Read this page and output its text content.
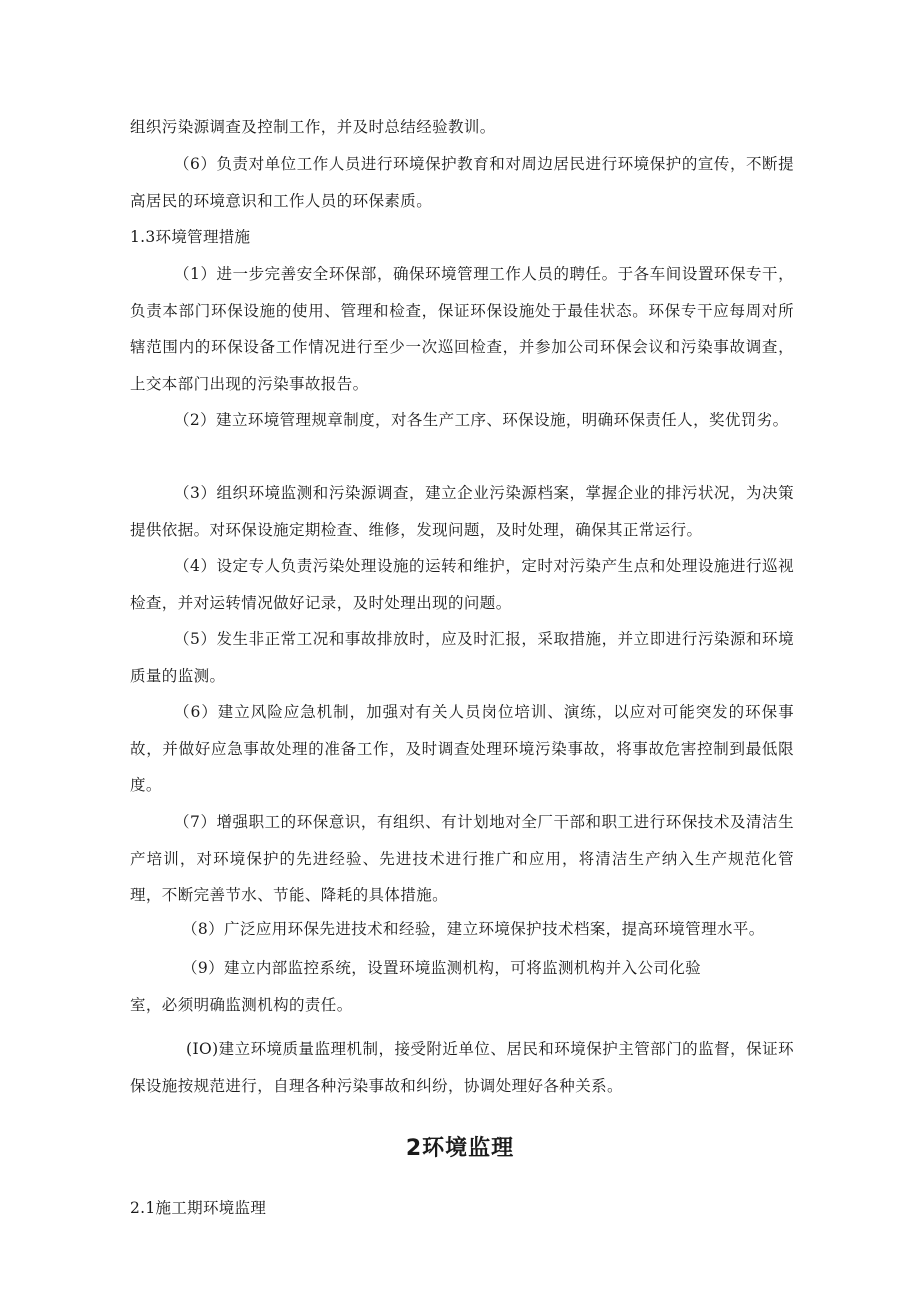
组织污染源调查及控制工作，并及时总结经验教训。

（6）负责对单位工作人员进行环境保护教育和对周边居民进行环境保护的宣传，不断提高居民的环境意识和工作人员的环保素质。

1.3环境管理措施

（1）进一步完善安全环保部，确保环境管理工作人员的聘任。于各车间设置环保专干，负责本部门环保设施的使用、管理和检查，保证环保设施处于最佳状态。环保专干应每周对所辖范围内的环保设备工作情况进行至少一次巡回检查，并参加公司环保会议和污染事故调查，上交本部门出现的污染事故报告。

（2）建立环境管理规章制度，对各生产工序、环保设施，明确环保责任人，奖优罚劣。

（3）组织环境监测和污染源调查，建立企业污染源档案，掌握企业的排污状况，为决策提供依据。对环保设施定期检查、维修，发现问题，及时处理，确保其正常运行。

（4）设定专人负责污染处理设施的运转和维护，定时对污染产生点和处理设施进行巡视检查，并对运转情况做好记录，及时处理出现的问题。

（5）发生非正常工况和事故排放时，应及时汇报，采取措施，并立即进行污染源和环境质量的监测。

（6）建立风险应急机制，加强对有关人员岗位培训、演练，以应对可能突发的环保事故，并做好应急事故处理的准备工作，及时调查处理环境污染事故，将事故危害控制到最低限度。

（7）增强职工的环保意识，有组织、有计划地对全厂干部和职工进行环保技术及清洁生产培训，对环境保护的先进经验、先进技术进行推广和应用，将清洁生产纳入生产规范化管理，不断完善节水、节能、降耗的具体措施。

（8）广泛应用环保先进技术和经验，建立环境保护技术档案，提高环境管理水平。

（9）建立内部监控系统，设置环境监测机构，可将监测机构并入公司化验

室，必须明确监测机构的责任。

(IO)建立环境质量监理机制，接受附近单位、居民和环境保护主管部门的监督，保证环保设施按规范进行，自理各种污染事故和纠纷，协调处理好各种关系。

2环境监理
2.1施工期环境监理
